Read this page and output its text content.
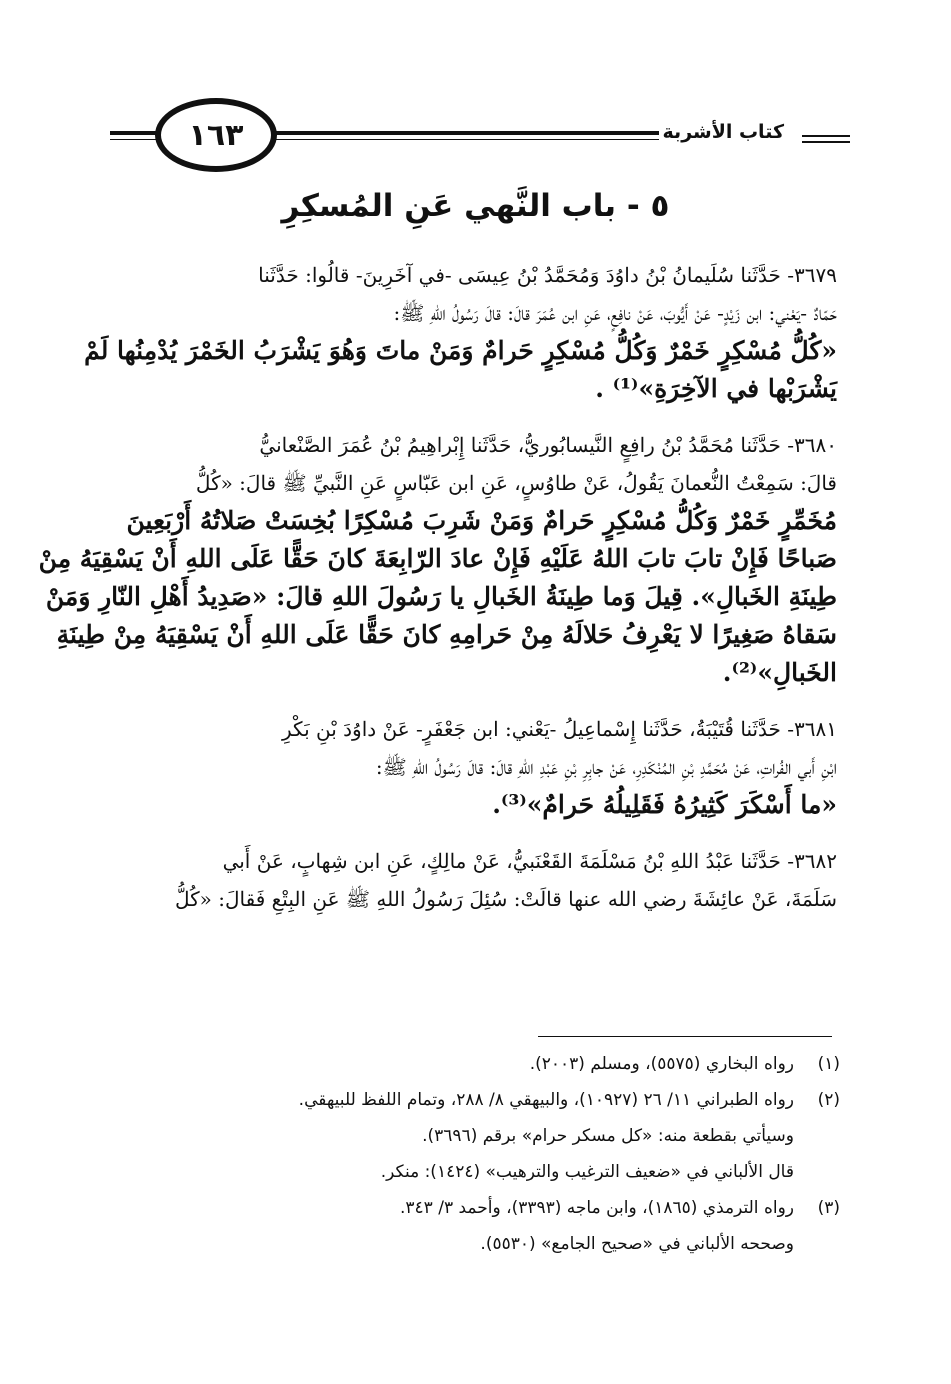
١٦٣	كتاب الأشربة
٥ - باب النَّهي عَنِ المُسكِرِ
٣٦٧٩- حَدَّثَنا سُلَيمانُ بْنُ داوُدَ وَمُحَمَّدُ بْنُ عِيسَى -في آخَرِينَ- قالُوا: حَدَّثَنا
حَمّادٌ -يَعْني: ابن زَيْدٍ- عَنْ أَيُّوبَ، عَنْ نافِعٍ، عَنِ ابن عُمَرَ قالَ: قالَ رَسُولُ اللهِ ﷺ:
«كُلُّ مُسْكِرٍ خَمْرٌ وَكُلُّ مُسْكِرٍ حَرامٌ وَمَنْ ماتَ وَهُوَ يَشْرَبُ الخَمْرَ يُدْمِنُها لَمْ
يَشْرَبْها في الآخِرَةِ»⁽¹⁾ .
٣٦٨٠- حَدَّثَنا مُحَمَّدُ بْنُ رافِعٍ النَّيسابُوريُّ، حَدَّثَنا إِبْراهِيمُ بْنُ عُمَرَ الصَّنْعانيُّ
قالَ: سَمِعْتُ النُّعمانَ يَقُولُ، عَنْ طاوُسٍ، عَنِ ابن عَبّاسٍ عَنِ النَّبيِّ ﷺ قالَ: «كُلُّ
مُخَمِّرٍ خَمْرٌ وَكُلُّ مُسْكِرٍ حَرامٌ وَمَنْ شَرِبَ مُسْكِرًا بُخِسَتْ صَلاتُهُ أَرْبَعِينَ
صَباحًا فَإِنْ تابَ تابَ اللهُ عَلَيْهِ فَإِنْ عادَ الرّابِعَةَ كانَ حَقًّا عَلَى اللهِ أَنْ يَسْقِيَهُ مِنْ
طِينَةِ الخَبالِ». قِيلَ وَما طِينَةُ الخَبالِ يا رَسُولَ اللهِ قالَ: «صَدِيدُ أَهْلِ النّارِ وَمَنْ
سَقاهُ صَغِيرًا لا يَعْرِفُ حَلالَهُ مِنْ حَرامِهِ كانَ حَقًّا عَلَى اللهِ أَنْ يَسْقِيَهُ مِنْ طِينَةِ
الخَبالِ»⁽²⁾.
٣٦٨١- حَدَّثَنا قُتَيْبَةُ، حَدَّثَنا إِسْماعِيلُ -يَعْني: ابن جَعْفَرٍ- عَنْ داوُدَ بْنِ بَكْرِ
ابْنِ أَبي الفُراتِ، عَنْ مُحَمَّدِ بْنِ المُنْكَدِرِ، عَنْ جابِرِ بْنِ عَبْدِ اللهِ قالَ: قالَ رَسُولُ اللهِ ﷺ:
«ما أَسْكَرَ كَثِيرُهُ فَقَلِيلُهُ حَرامٌ»⁽³⁾.
٣٦٨٢- حَدَّثَنا عَبْدُ اللهِ بْنُ مَسْلَمَةَ القَعْنَبيُّ، عَنْ مالِكٍ، عَنِ ابن شِهابٍ، عَنْ أَبي
سَلَمَةَ، عَنْ عائِشَةَ رضي الله عنها قالَتْ: سُئِلَ رَسُولُ اللهِ ﷺ عَنِ البِتْعِ فَقالَ: «كُلُّ
(١)
رواه البخاري (٥٥٧٥)، ومسلم (٢٠٠٣).
(٢)
رواه الطبراني ١١/ ٢٦ (١٠٩٢٧)، والبيهقي ٨/ ٢٨٨، وتمام اللفظ للبيهقي.
وسيأتي بقطعة منه: «كل مسكر حرام» برقم (٣٦٩٦).
قال الألباني في «ضعيف الترغيب والترهيب» (١٤٢٤): منكر.
(٣)
رواه الترمذي (١٨٦٥)، وابن ماجه (٣٣٩٣)، وأحمد ٣/ ٣٤٣.
وصححه الألباني في «صحيح الجامع» (٥٥٣٠).
